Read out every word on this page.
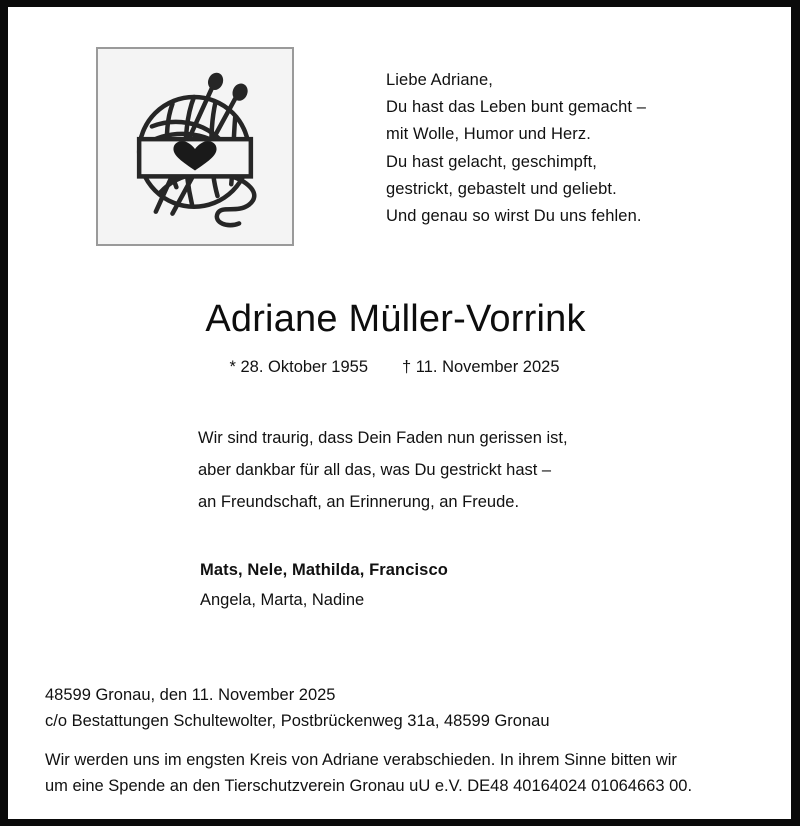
Liebe Adriane,
Du hast das Leben bunt gemacht –
mit Wolle, Humor und Herz.
Du hast gelacht, geschimpft,
gestrickt, gebastelt und geliebt.
Und genau so wirst Du uns fehlen.
Adriane Müller-Vorrink
* 28. Oktober 1955 † 11. November 2025
Wir sind traurig, dass Dein Faden nun gerissen ist,
aber dankbar für all das, was Du gestrickt hast –
an Freundschaft, an Erinnerung, an Freude.
Mats, Nele, Mathilda, Francisco
Angela, Marta, Nadine
48599 Gronau, den 11. November 2025
c/o Bestattungen Schultewolter, Postbrückenweg 31a, 48599 Gronau
Wir werden uns im engsten Kreis von Adriane verabschieden. In ihrem Sinne bitten wir
um eine Spende an den Tierschutzverein Gronau uU e.V. DE48 40164024 01064663 00.
